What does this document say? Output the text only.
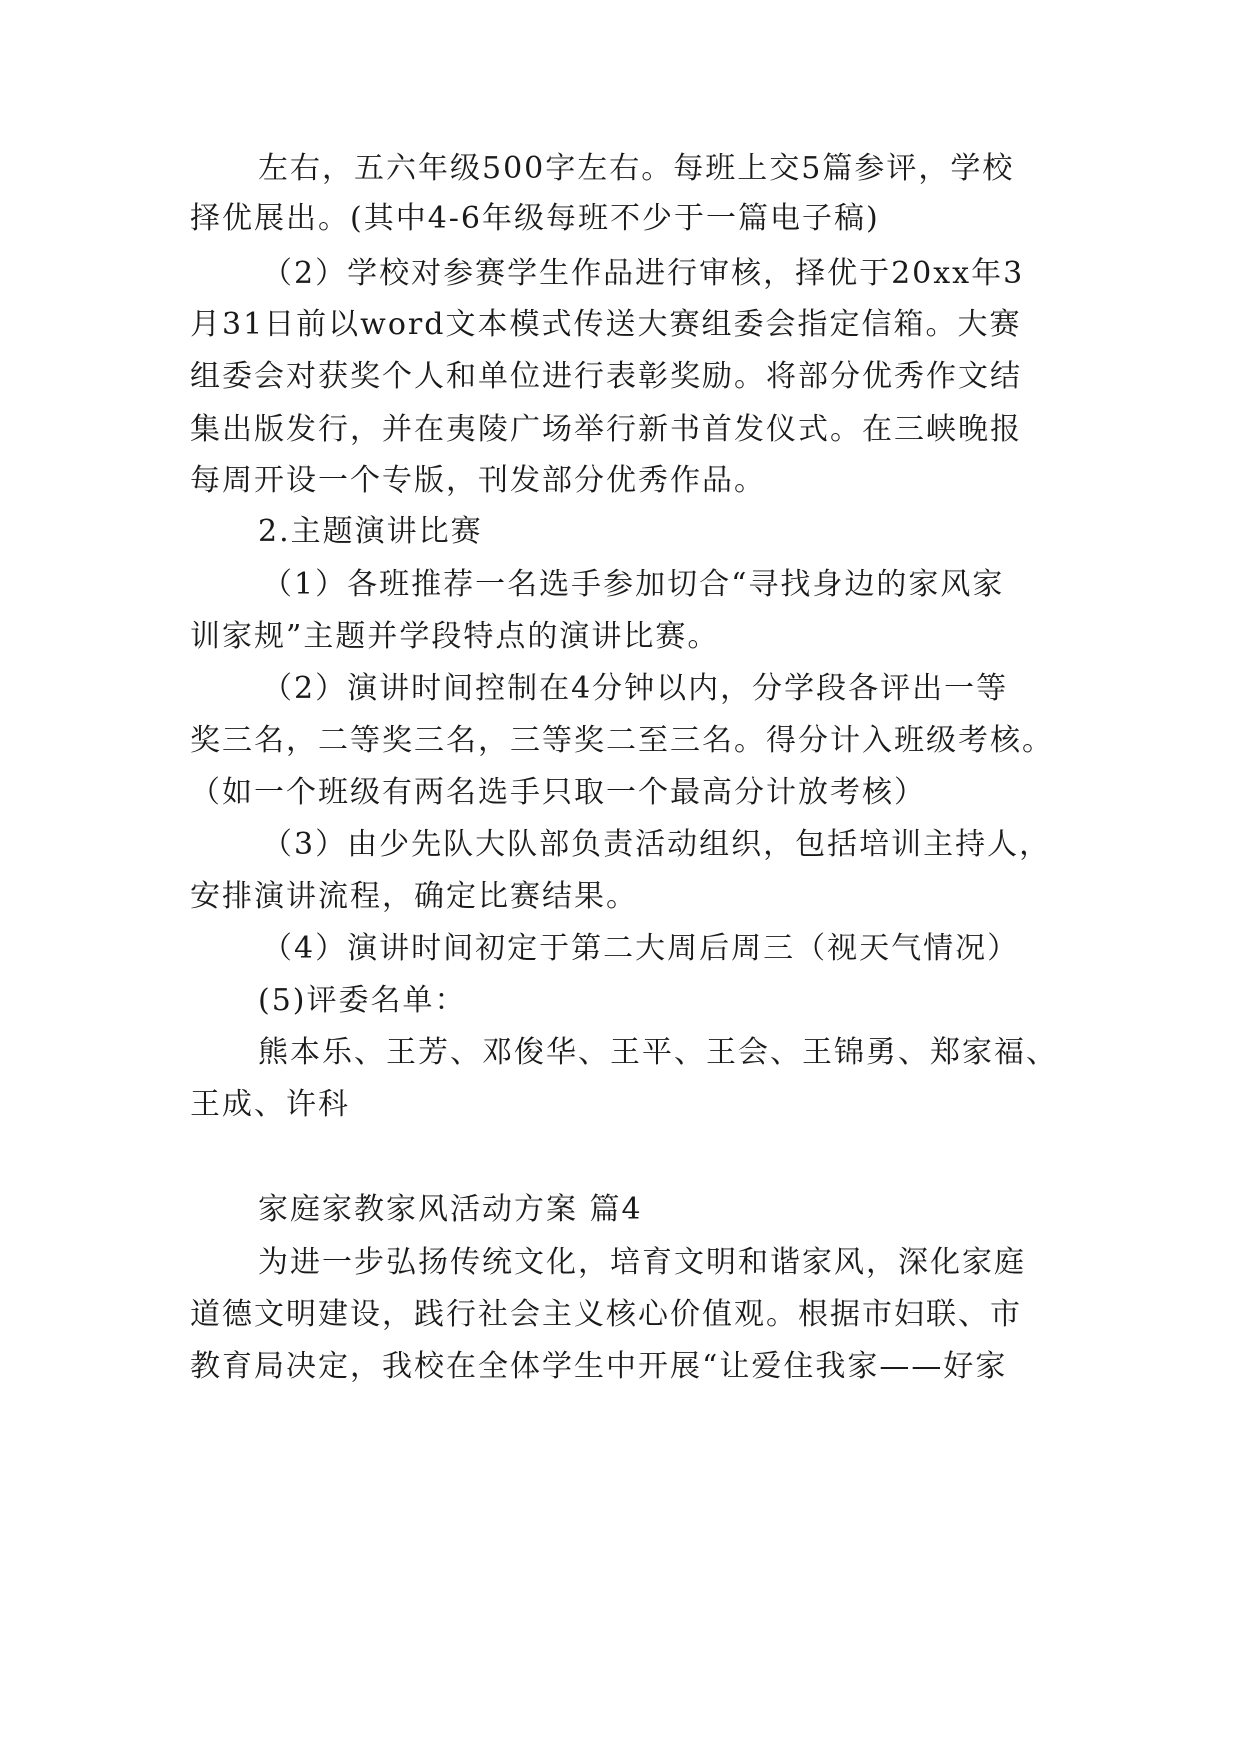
左右，五六年级500字左右。每班上交5篇参评，学校
择优展出。(其中4-6年级每班不少于一篇电子稿)
（2）学校对参赛学生作品进行审核，择优于20xx年3
月31日前以word文本模式传送大赛组委会指定信箱。大赛
组委会对获奖个人和单位进行表彰奖励。将部分优秀作文结
集出版发行，并在夷陵广场举行新书首发仪式。在三峡晚报
每周开设一个专版，刊发部分优秀作品。
2.主题演讲比赛
（1）各班推荐一名选手参加切合“寻找身边的家风家
训家规”主题并学段特点的演讲比赛。
（2）演讲时间控制在4分钟以内，分学段各评出一等
奖三名，二等奖三名，三等奖二至三名。得分计入班级考核。
（如一个班级有两名选手只取一个最高分计放考核）
（3）由少先队大队部负责活动组织，包括培训主持人，
安排演讲流程，确定比赛结果。
（4）演讲时间初定于第二大周后周三（视天气情况）
(5)评委名单：
熊本乐、王芳、邓俊华、王平、王会、王锦勇、郑家福、
王成、许科
家庭家教家风活动方案 篇4
为进一步弘扬传统文化，培育文明和谐家风，深化家庭
道德文明建设，践行社会主义核心价值观。根据市妇联、市
教育局决定，我校在全体学生中开展“让爱住我家——好家
